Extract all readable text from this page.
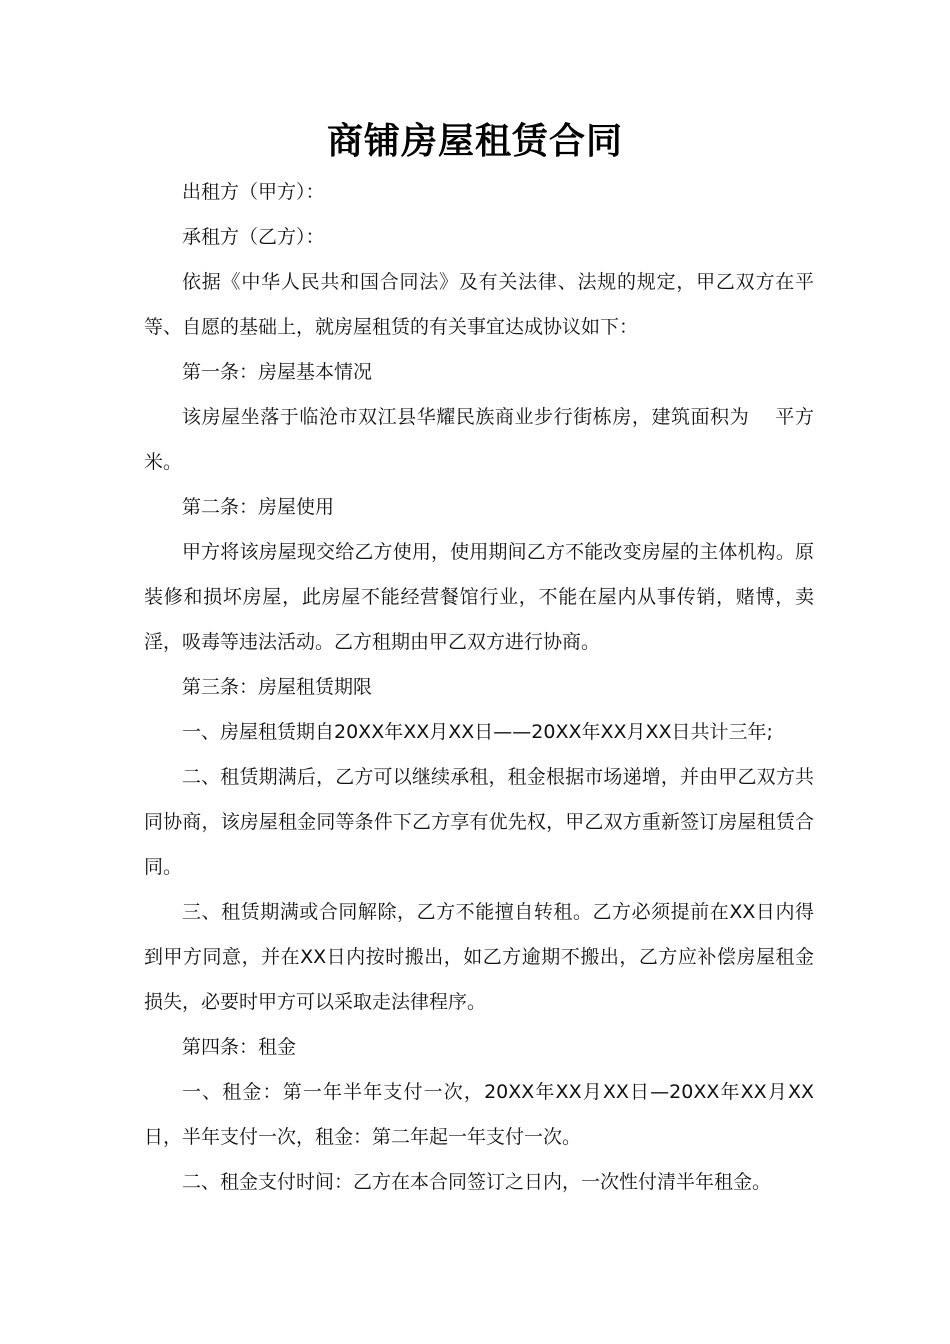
商铺房屋租赁合同

出租方（甲方）：

承租方（乙方）：

依据《中华人民共和国合同法》及有关法律、法规的规定，甲乙双方在平等、自愿的基础上，就房屋租赁的有关事宜达成协议如下：

第一条：房屋基本情况

该房屋坐落于临沧市双江县华耀民族商业步行街栋房，建筑面积为　 平方米。

第二条：房屋使用

甲方将该房屋现交给乙方使用，使用期间乙方不能改变房屋的主体机构。原装修和损坏房屋，此房屋不能经营餐馆行业，不能在屋内从事传销，赌博，卖淫，吸毒等违法活动。乙方租期由甲乙双方进行协商。

第三条：房屋租赁期限

一、房屋租赁期自20XX年XX月XX日——20XX年XX月XX日共计三年;

二、租赁期满后，乙方可以继续承租，租金根据市场递增，并由甲乙双方共同协商，该房屋租金同等条件下乙方享有优先权，甲乙双方重新签订房屋租赁合同。

三、租赁期满或合同解除，乙方不能擅自转租。乙方必须提前在XX日内得到甲方同意，并在XX日内按时搬出，如乙方逾期不搬出，乙方应补偿房屋租金损失，必要时甲方可以采取走法律程序。

第四条：租金

一、租金：第一年半年支付一次，20XX年XX月XX日—20XX年XX月XX日，半年支付一次，租金：第二年起一年支付一次。

二、租金支付时间：乙方在本合同签订之日内，一次性付清半年租金。
